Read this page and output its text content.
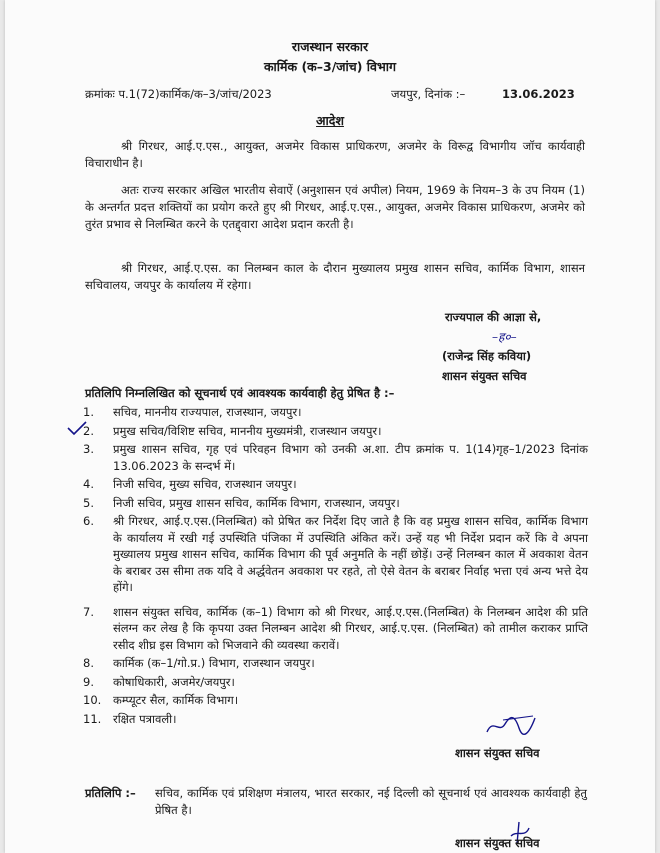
राजस्थान सरकार
कार्मिक (क–3/जांच) विभाग
क्रमांकः प.1(72)कार्मिक/क–3/जांच/2023	जयपुर, दिनांक :–	13.06.2023
आदेश
श्री गिरधर, आई.ए.एस., आयुक्त, अजमेर विकास प्राधिकरण, अजमेर के विरूद्व विभागीय जॉच कार्यवाही विचाराधीन है।
अतः राज्य सरकार अखिल भारतीय सेवाऐं (अनुशासन एवं अपील) नियम, 1969 के नियम–3 के उप नियम (1) के अन्तर्गत प्रदत्त शक्तियों का प्रयोग करते हुए श्री गिरधर, आई.ए.एस., आयुक्त, अजमेर विकास प्राधिकरण, अजमेर को तुरंत प्रभाव से निलम्बित करने के एतद्द्वारा आदेश प्रदान करती है।
श्री गिरधर, आई.ए.एस. का निलम्बन काल के दौरान मुख्यालय प्रमुख शासन सचिव, कार्मिक विभाग, शासन सचिवालय, जयपुर के कार्यालय में रहेगा।
राज्यपाल की आज्ञा से,
–ह०–
(राजेन्द्र सिंह कविया)
शासन संयुक्त सचिव
प्रतिलिपि निम्नलिखित को सूचनार्थ एवं आवश्यक कार्यवाही हेतु प्रेषित है :–
1.	सचिव, माननीय राज्यपाल, राजस्थान, जयपुर।
2.	प्रमुख सचिव/विशिष्ट सचिव, माननीय मुख्यमंत्री, राजस्थान जयपुर।
3.	प्रमुख शासन सचिव, गृह एवं परिवहन विभाग को उनकी अ.शा. टीप क्रमांक प. 1(14)गृह–1/2023 दिनांक 13.06.2023 के सन्दर्भ में।
4.	निजी सचिव, मुख्य सचिव, राजस्थान जयपुर।
5.	निजी सचिव, प्रमुख शासन सचिव, कार्मिक विभाग, राजस्थान, जयपुर।
6.	श्री गिरधर, आई.ए.एस.(निलम्बित) को प्रेषित कर निर्देश दिए जाते है कि वह प्रमुख शासन सचिव, कार्मिक विभाग के कार्यालय में रखी गई उपस्थिति पंजिका में उपस्थिति अंकित करें। उन्हें यह भी निर्देश प्रदान करें कि वे अपना मुख्यालय प्रमुख शासन सचिव, कार्मिक विभाग की पूर्व अनुमति के नहीं छोड़ें। उन्हें निलम्बन काल में अवकाश वेतन के बराबर उस सीमा तक यदि वे अर्द्धवेतन अवकाश पर रहते, तो ऐसे वेतन के बराबर निर्वाह भत्ता एवं अन्य भत्ते देय होंगे।
7.	शासन संयुक्त सचिव, कार्मिक (क–1) विभाग को श्री गिरधर, आई.ए.एस.(निलम्बित) के निलम्बन आदेश की प्रति संलग्न कर लेख है कि कृपया उक्त निलम्बन आदेश श्री गिरधर, आई.ए.एस. (निलम्बित) को तामील कराकर प्राप्ति रसीद शीघ्र इस विभाग को भिजवाने की व्यवस्था करावें।
8.	कार्मिक (क–1/गो.प्र.) विभाग, राजस्थान जयपुर।
9.	कोषाधिकारी, अजमेर/जयपुर।
10.	कम्प्यूटर सैल, कार्मिक विभाग।
11.	रक्षित पत्रावली।
शासन संयुक्त सचिव
प्रतिलिपि :– सचिव, कार्मिक एवं प्रशिक्षण मंत्रालय, भारत सरकार, नई दिल्ली को सूचनार्थ एवं आवश्यक कार्यवाही हेतु प्रेषित है।
शासन संयुक्त सचिव
